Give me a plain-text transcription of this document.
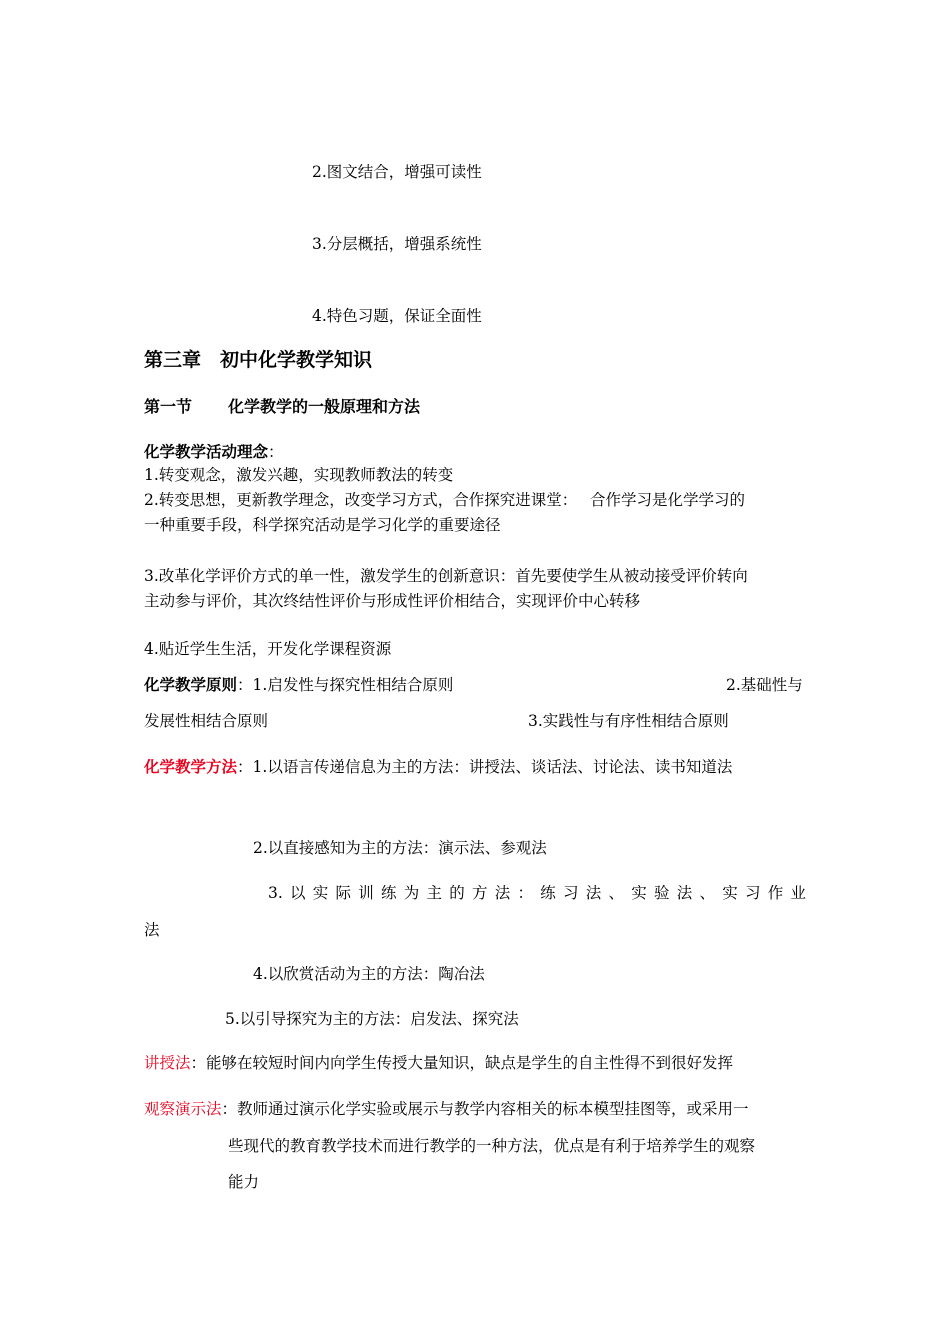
2.图文结合，增强可读性
3.分层概括，增强系统性
4.特色习题，保证全面性
第三章　初中化学教学知识
第一节 化学教学的一般原理和方法
化学教学活动理念：
1.转变观念，激发兴趣，实现教师教法的转变
2.转变思想，更新教学理念，改变学习方式，合作探究进课堂：　 合作学习是化学学习的
一种重要手段，科学探究活动是学习化学的重要途径
3.改革化学评价方式的单一性，激发学生的创新意识：首先要使学生从被动接受评价转向
主动参与评价，其次终结性评价与形成性评价相结合，实现评价中心转移
4.贴近学生生活，开发化学课程资源
化学教学原则：1.启发性与探究性相结合原则	2.基础性与
发展性相结合原则	3.实践性与有序性相结合原则
化学教学方法：1.以语言传递信息为主的方法：讲授法、谈话法、讨论法、读书知道法
2.以直接感知为主的方法：演示法、参观法
3.以实际训练为主的方法：练习法、实验法、实习作业
法
4.以欣赏活动为主的方法：陶冶法
5.以引导探究为主的方法：启发法、探究法
讲授法：能够在较短时间内向学生传授大量知识，缺点是学生的自主性得不到很好发挥
观察演示法：教师通过演示化学实验或展示与教学内容相关的标本模型挂图等，或采用一
些现代的教育教学技术而进行教学的一种方法，优点是有利于培养学生的观察
能力
